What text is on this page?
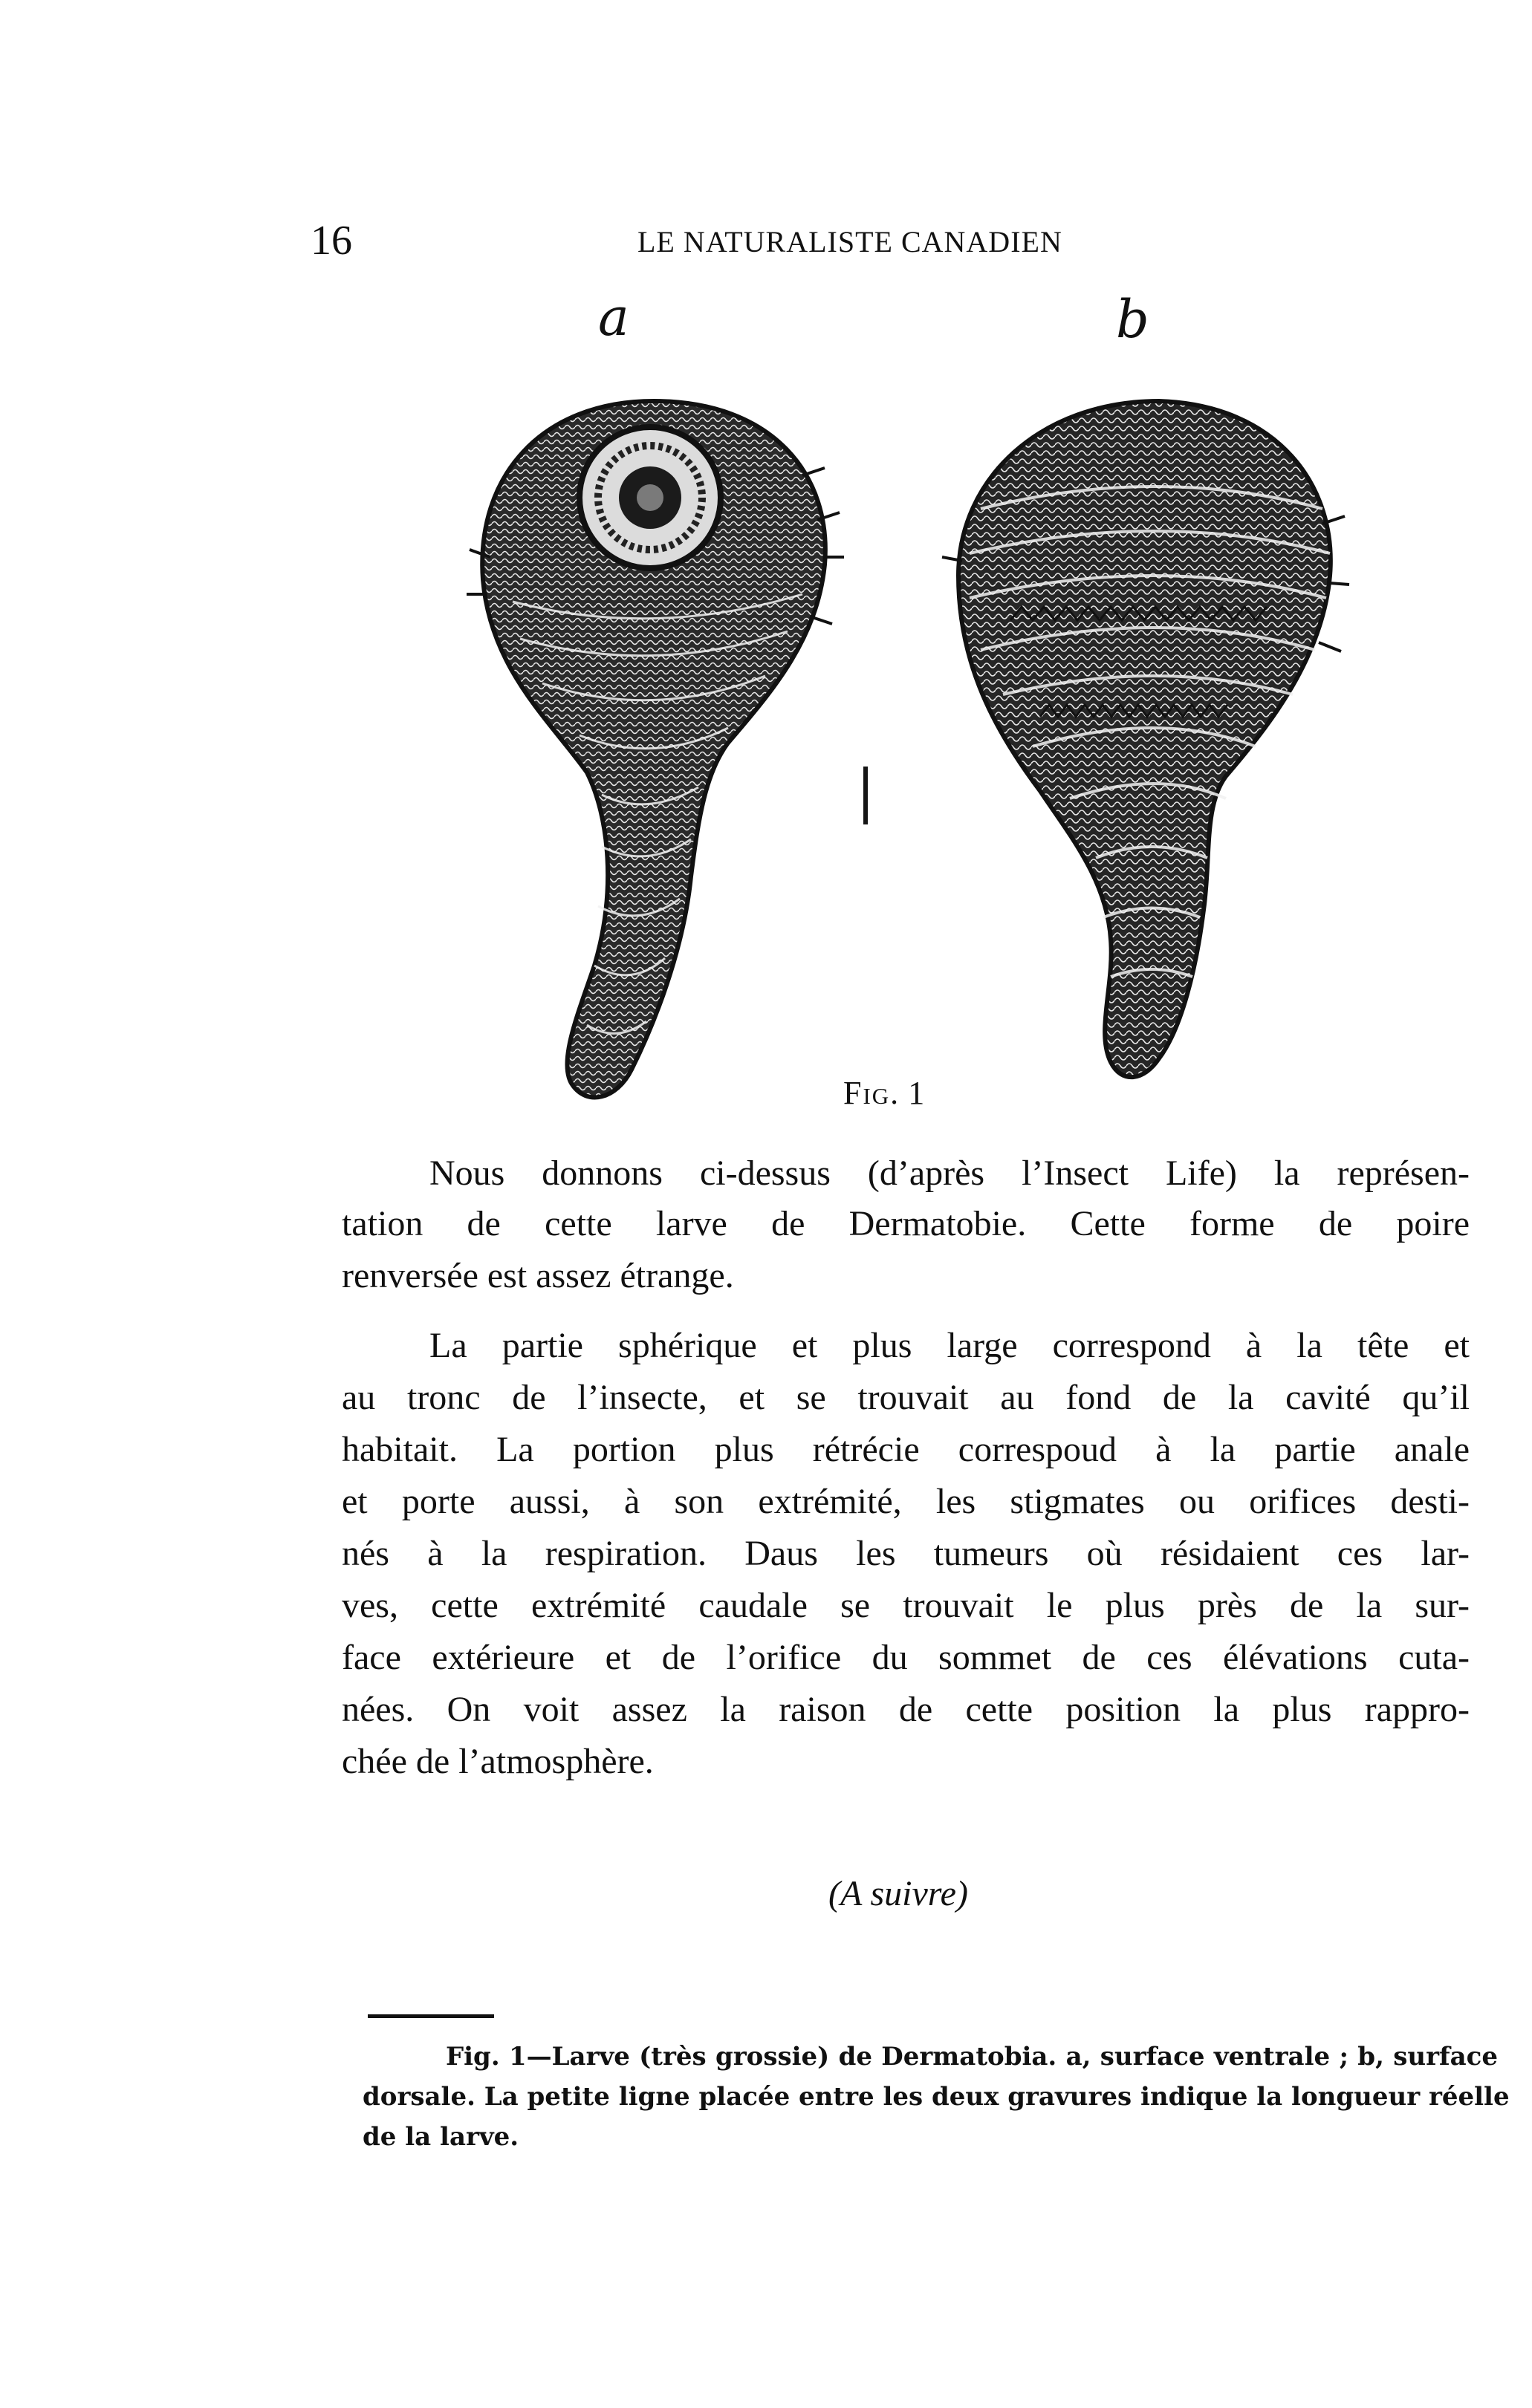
16	LE NATURALISTE CANADIEN
a	b
Fig. 1
Nous donnons ci-dessus (d’après l’Insect Life) la représen-
tation de cette larve de Dermatobie. Cette forme de poire
renversée est assez étrange.
La partie sphérique et plus large correspond à la tête et
au tronc de l’insecte, et se trouvait au fond de la cavité qu’il
habitait. La portion plus rétrécie correspoud à la partie anale
et porte aussi, à son extrémité, les stigmates ou orifices desti-
nés à la respiration. Daus les tumeurs où résidaient ces lar-
ves, cette extrémité caudale se trouvait le plus près de la sur-
face extérieure et de l’orifice du sommet de ces élévations cuta-
nées. On voit assez la raison de cette position la plus rappro-
chée de l’atmosphère.
(A suivre)
Fig. 1—Larve (très grossie) de Dermatobia. a, surface ventrale ; b, surface
dorsale. La petite ligne placée entre les deux gravures indique la longueur réelle
de la larve.
